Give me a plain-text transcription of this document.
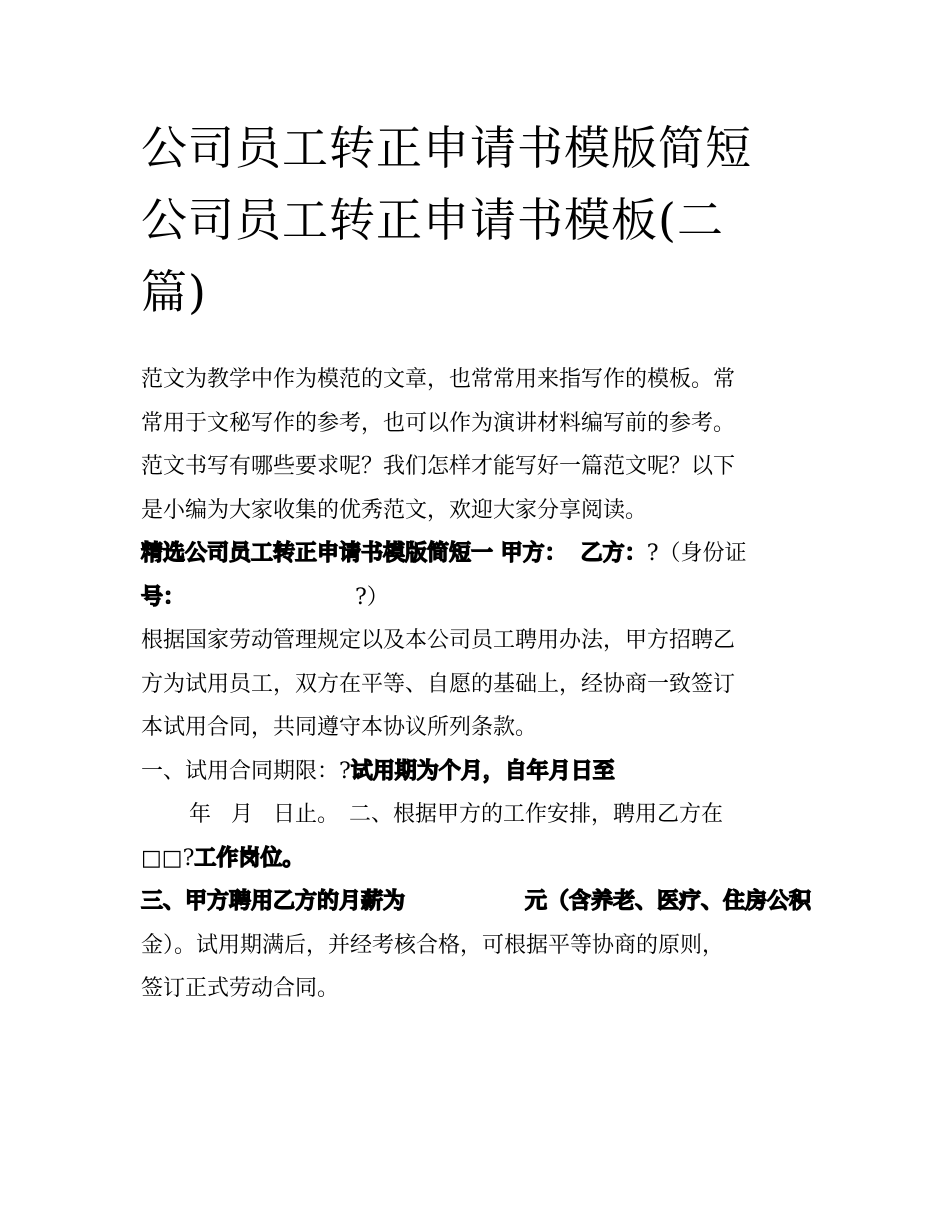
公司员工转正申请书模版简短
公司员工转正申请书模板(二
篇)
范文为教学中作为模范的文章，也常常用来指写作的模板。常
常用于文秘写作的参考，也可以作为演讲材料编写前的参考。
范文书写有哪些要求呢？我们怎样才能写好一篇范文呢？以下
是小编为大家收集的优秀范文，欢迎大家分享阅读。
精选公司员工转正申请书模版简短一 甲方： 乙方：?（身份证
号：	?）
根据国家劳动管理规定以及本公司员工聘用办法，甲方招聘乙
方为试用员工，双方在平等、自愿的基础上，经协商一致签订
本试用合同，共同遵守本协议所列条款。
一、试用合同期限：?试用期为个月，自年月日至
年 月 日止。 二、根据甲方的工作安排，聘用乙方在
□□?工作岗位。
三、甲方聘用乙方的月薪为	元（含养老、医疗、住房公积
金）。试用期满后，并经考核合格，可根据平等协商的原则，
签订正式劳动合同。
